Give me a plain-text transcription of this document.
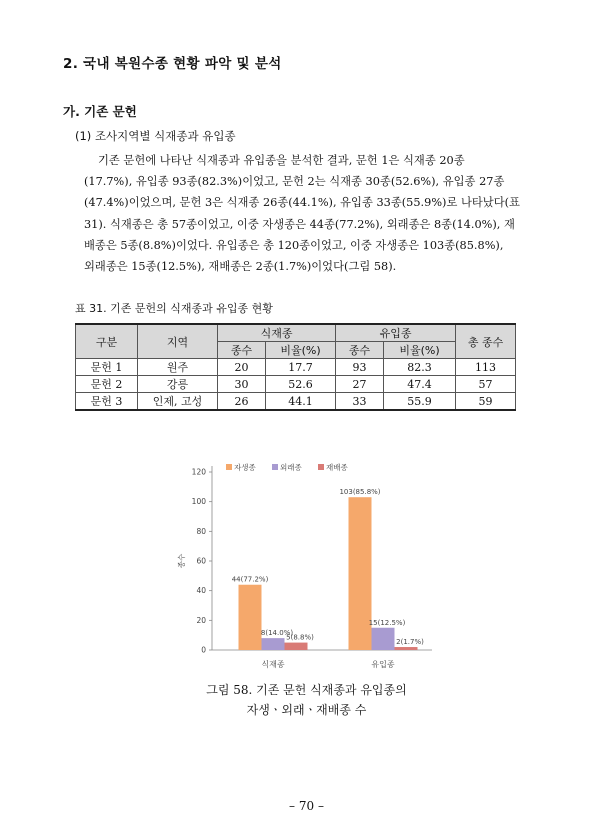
2. 국내 복원수종 현황 파악 및 분석
가. 기존 문헌
(1) 조사지역별 식재종과 유입종
기존 문헌에 나타난 식재종과 유입종을 분석한 결과, 문헌 1은 식재종 20종
(17.7%), 유입종 93종(82.3%)이었고, 문헌 2는 식재종 30종(52.6%), 유입종 27종
(47.4%)이었으며, 문헌 3은 식재종 26종(44.1%), 유입종 33종(55.9%)로 나타났다(표
31). 식재종은 총 57종이었고, 이중 자생종은 44종(77.2%), 외래종은 8종(14.0%), 재
배종은 5종(8.8%)이었다. 유입종은 총 120종이었고, 이중 자생종은 103종(85.8%),
외래종은 15종(12.5%), 재배종은 2종(1.7%)이었다(그림 58).
표 31. 기존 문헌의 식재종과 유입종 현황
구분	지역	식재종		유입종		총 종수
		종수	비율(%)	종수	비율(%)	
문헌 1	원주	20	17.7	93	82.3	113
문헌 2	강릉	30	52.6	27	47.4	57
문헌 3	인제, 고성	26	44.1	33	55.9	59
0
20
40
60
80
100
120
종수
44(77.2%)
8(14.0%)
5(8.8%)
식재종
103(85.8%)
15(12.5%)
2(1.7%)
유입종
자생종	외래종	재배종
그림 58. 기존 문헌 식재종과 유입종의
자생ㆍ외래ㆍ재배종 수
– 70 –
